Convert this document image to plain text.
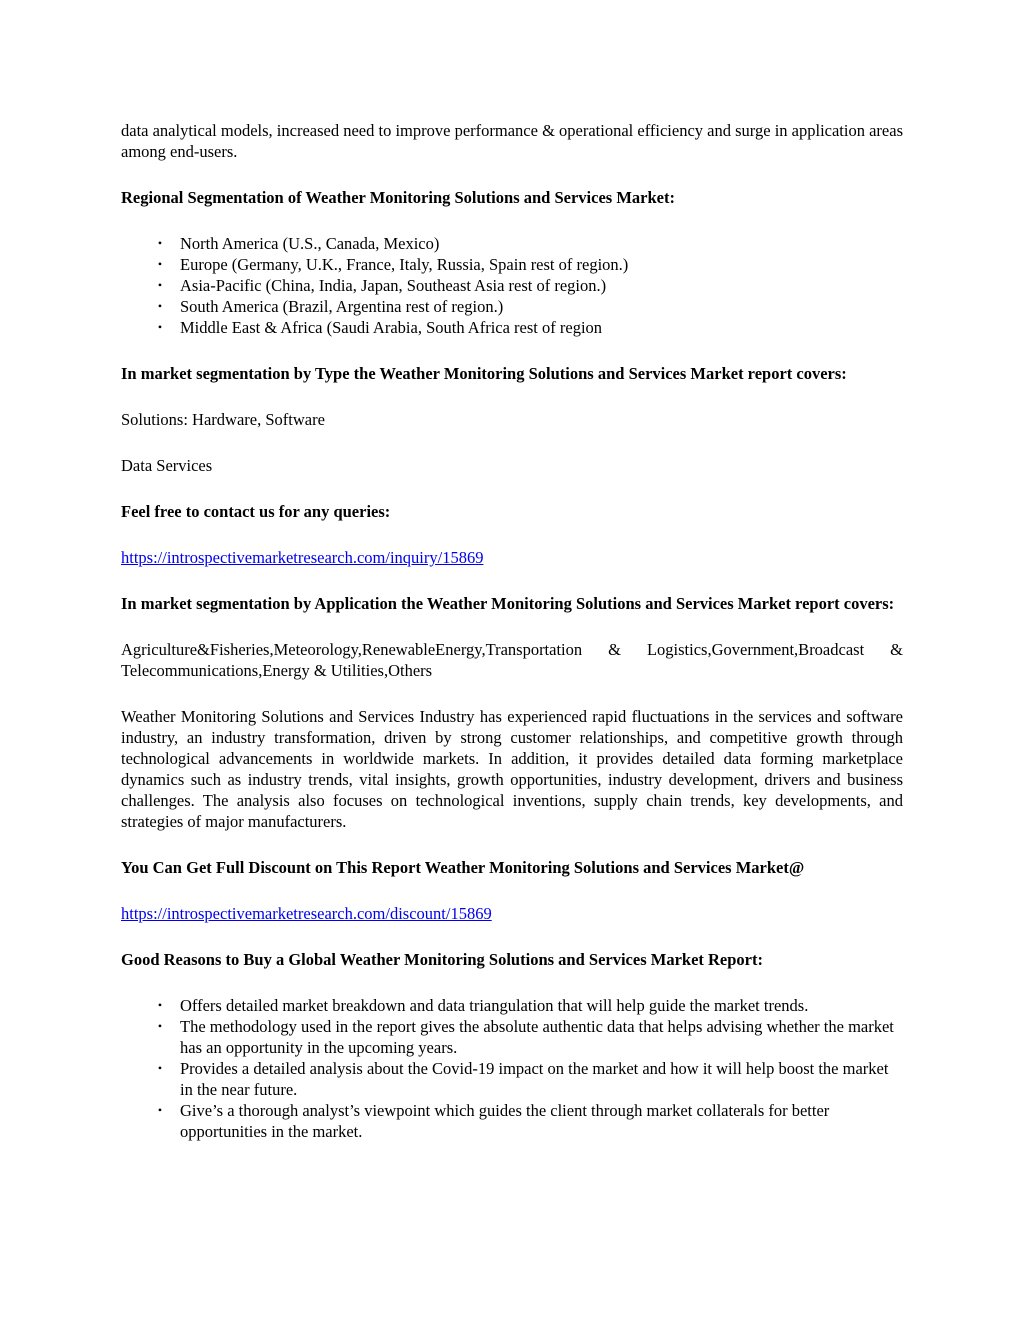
data analytical models, increased need to improve performance & operational efficiency and surge in application areas among end-users.

Regional Segmentation of Weather Monitoring Solutions and Services Market:

• North America (U.S., Canada, Mexico)
• Europe (Germany, U.K., France, Italy, Russia, Spain rest of region.)
• Asia-Pacific (China, India, Japan, Southeast Asia rest of region.)
• South America (Brazil, Argentina rest of region.)
• Middle East & Africa (Saudi Arabia, South Africa rest of region

In market segmentation by Type the Weather Monitoring Solutions and Services Market report covers:

Solutions: Hardware, Software

Data Services

Feel free to contact us for any queries:

https://introspectivemarketresearch.com/inquiry/15869

In market segmentation by Application the Weather Monitoring Solutions and Services Market report covers:

Agriculture&Fisheries,Meteorology,RenewableEnergy,Transportation & Logistics,Government,Broadcast & Telecommunications,Energy & Utilities,Others

Weather Monitoring Solutions and Services Industry has experienced rapid fluctuations in the services and software industry, an industry transformation, driven by strong customer relationships, and competitive growth through technological advancements in worldwide markets. In addition, it provides detailed data forming marketplace dynamics such as industry trends, vital insights, growth opportunities, industry development, drivers and business challenges. The analysis also focuses on technological inventions, supply chain trends, key developments, and strategies of major manufacturers.

You Can Get Full Discount on This Report Weather Monitoring Solutions and Services Market@

https://introspectivemarketresearch.com/discount/15869

Good Reasons to Buy a Global Weather Monitoring Solutions and Services Market Report:

• Offers detailed market breakdown and data triangulation that will help guide the market trends.
• The methodology used in the report gives the absolute authentic data that helps advising whether the market has an opportunity in the upcoming years.
• Provides a detailed analysis about the Covid-19 impact on the market and how it will help boost the market in the near future.
• Give’s a thorough analyst’s viewpoint which guides the client through market collaterals for better opportunities in the market.
